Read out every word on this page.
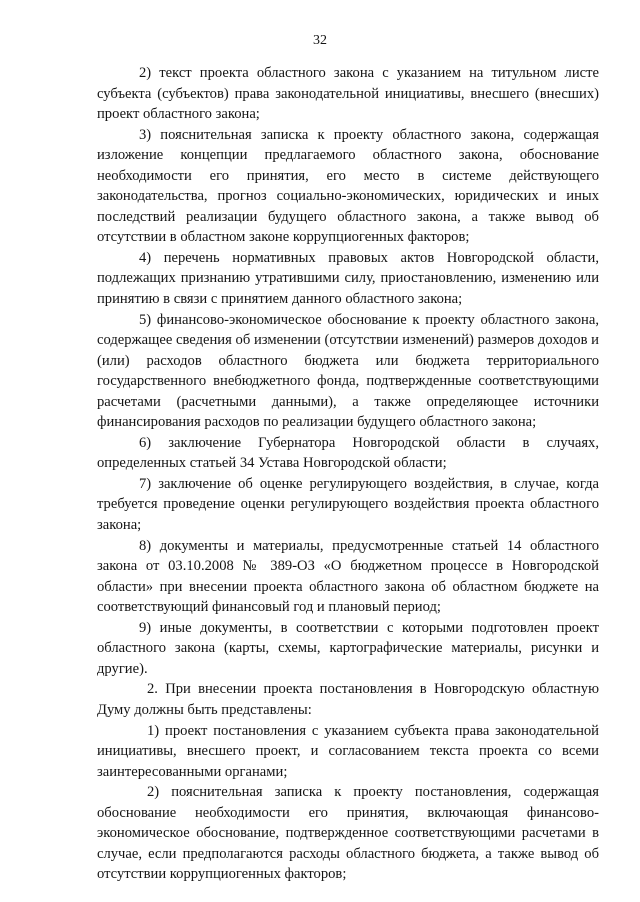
32

2) текст проекта областного закона с указанием на титульном листе субъекта (субъектов) права законодательной инициативы, внесшего (внесших) проект областного закона;

3) пояснительная записка к проекту областного закона, содержащая изложение концепции предлагаемого областного закона, обоснование необходимости его принятия, его место в системе действующего законодательства, прогноз социально-экономических, юридических и иных последствий реализации будущего областного закона, а также вывод об отсутствии в областном законе коррупциогенных факторов;

4) перечень нормативных правовых актов Новгородской области, подлежащих признанию утратившими силу, приостановлению, изменению или принятию в связи с принятием данного областного закона;

5) финансово-экономическое обоснование к проекту областного закона, содержащее сведения об изменении (отсутствии изменений) размеров доходов и (или) расходов областного бюджета или бюджета территориального государственного внебюджетного фонда, подтвержденные соответствующими расчетами (расчетными данными), а также определяющее источники финансирования расходов по реализации будущего областного закона;

6) заключение Губернатора Новгородской области в случаях, определенных статьей 34 Устава Новгородской области;

7) заключение об оценке регулирующего воздействия, в случае, когда требуется проведение оценки регулирующего воздействия проекта областного закона;

8) документы и материалы, предусмотренные статьей 14 областного закона от 03.10.2008 № 389-ОЗ «О бюджетном процессе в Новгородской области» при внесении проекта областного закона об областном бюджете на соответствующий финансовый год и плановый период;

9) иные документы, в соответствии с которыми подготовлен проект областного закона (карты, схемы, картографические материалы, рисунки и другие).

2. При внесении проекта постановления в Новгородскую областную Думу должны быть представлены:

1) проект постановления с указанием субъекта права законодательной инициативы, внесшего проект, и согласованием текста проекта со всеми заинтересованными органами;

2) пояснительная записка к проекту постановления, содержащая обоснование необходимости его принятия, включающая финансово-экономическое обоснование, подтвержденное соответствующими расчетами в случае, если предполагаются расходы областного бюджета, а также вывод об отсутствии коррупциогенных факторов;
